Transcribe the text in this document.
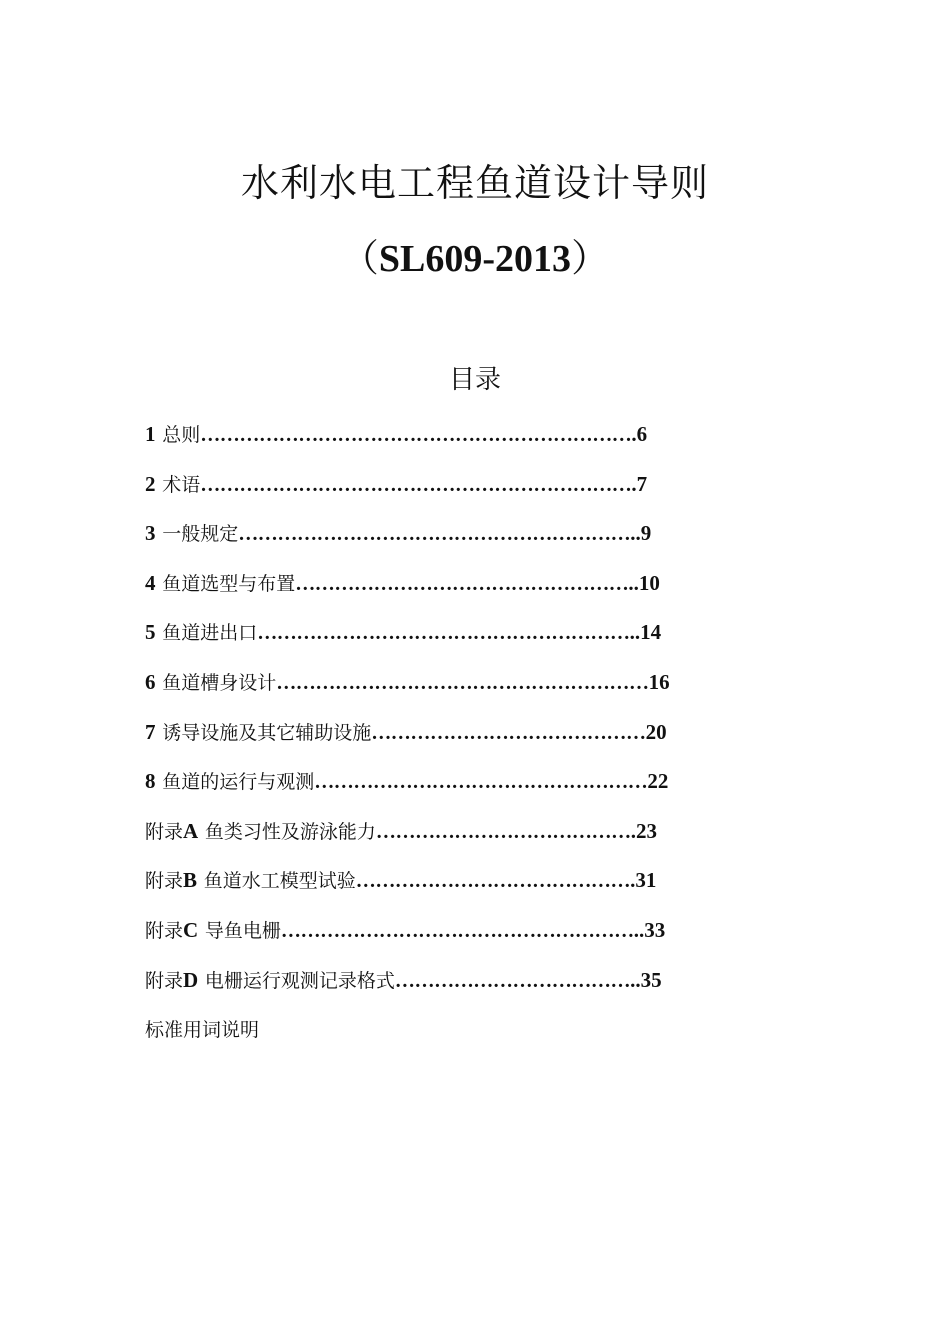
水利水电工程鱼道设计导则
（SL609-2013）
目录
1 总则………………………………………………………….6
2 术语………………………………………………………….7
3 一般规定……………………………………………………..9
4 鱼道选型与布置……………………………………………..10
5 鱼道进出口…………………………………………………..14
6 鱼道槽身设计…………………………………………………16
7 诱导设施及其它辅助设施……………………………………20
8 鱼道的运行与观测……………………………………………22
附录A 鱼类习性及游泳能力………………………………….23
附录B 鱼道水工模型试验…………………………………….31
附录C 导鱼电栅………………………………………………..33
附录D 电栅运行观测记录格式………………………………..35
标准用词说明
